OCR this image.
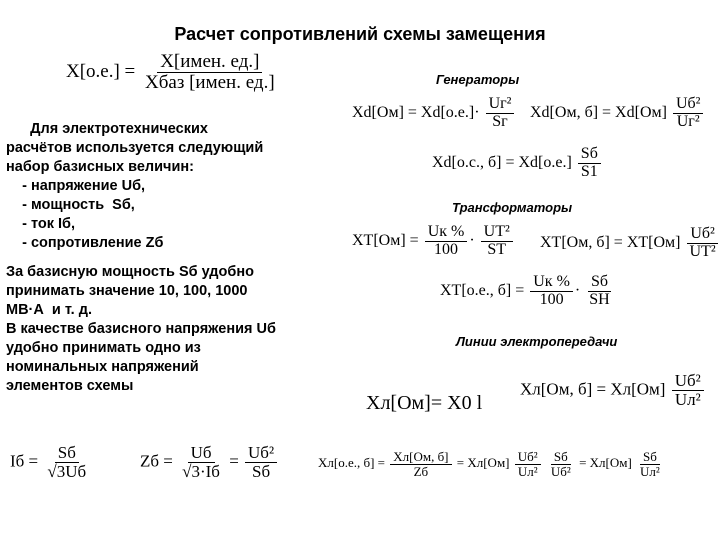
Расчет сопротивлений схемы замещения
$X[о.е.] = \frac{\text{X[имен. ед.]}}{\text{Xбаз [имен. ед.]}}$	Генераторы
$Xd[Ом] = Xd[о.е.]\cdot \frac{\text{Uг²}}{Sг} Xd[Ом$, $б] = Xd[Ом] \frac{\text{Uб²}}{\text{Uг²}}$
Xd[о.с., $б] = Xd[о.е.] \frac{Sб}{S1}$
Для электротехнических
расчётов используется следующий
набор базисных величин:
- напряжение Uб,
- мощность  Sб,
- ток Iб,
- сопротивление Zб
Трансформаторы
$XT[Ом] = \frac{Uк \%}{100} \cdot \frac{\text{UT²}}{ST} XT[Ом$, $б] = XT[Ом] \frac{\text{Uб²}}{\text{UT²}}$
XT[о.е., $б] = \frac{Uк \%}{100} \cdot \frac{Sб}{SН}$
За базисную мощность Sб удобно
принимать значение 10, 100, 1000
МВ·А  и т. д.
В качестве базисного напряжения Uб
удобно принимать одно из
номинальных напряжений
элементов схемы
Линии электропередачи
Xл[Ом]= X0 l
Xл[Ом, $б] = Xл[Ом] \frac{\text{Uб²}}{\text{Uл²}}$
Iб = $\frac{Sб}{√3Uб}$	Zб = $\frac{Uб}{√3\cdot Iб} = \frac{\text{Uб²}}{Sб}$	Xл[о.е., $б] = \frac{Xл[Ом, б]}{Zб} = Xл[Ом] \frac{\text{Uб²}}{\text{Uл²}}$
$\frac{Sб}{\text{Uб²}} = Xл[Ом] \frac{Sб}{\text{Uл²}}$
